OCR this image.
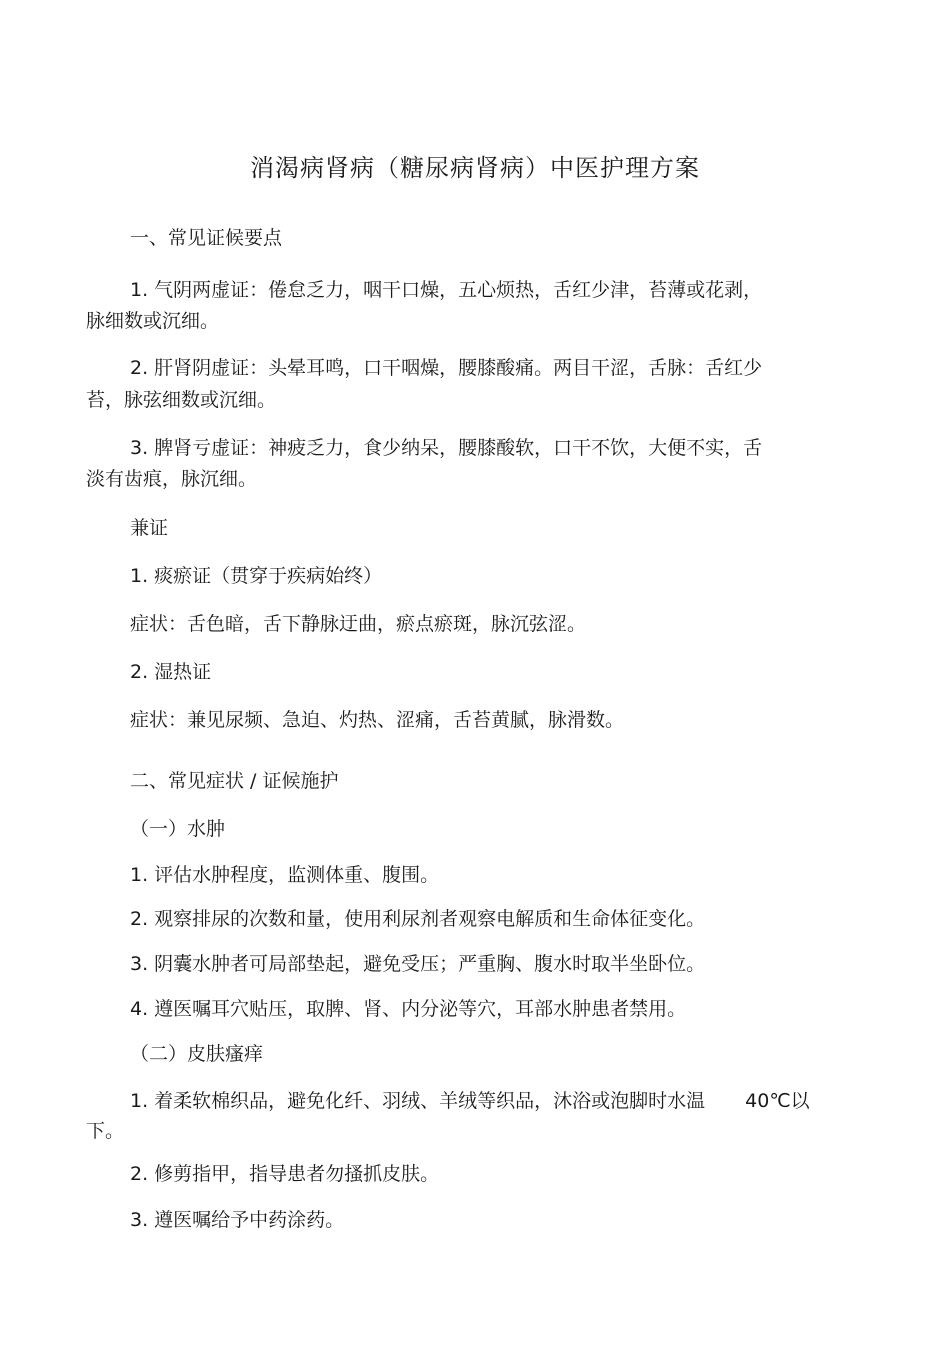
消渴病肾病（糖尿病肾病）中医护理方案
一、常见证候要点
1. 气阴两虚证：倦怠乏力，咽干口燥，五心烦热，舌红少津，苔薄或花剥，
脉细数或沉细。
2. 肝肾阴虚证：头晕耳鸣，口干咽燥，腰膝酸痛。两目干涩，舌脉：舌红少
苔，脉弦细数或沉细。
3. 脾肾亏虚证：神疲乏力，食少纳呆，腰膝酸软，口干不饮，大便不实，舌
淡有齿痕，脉沉细。
兼证
1. 痰瘀证（贯穿于疾病始终）
症状：舌色暗，舌下静脉迂曲，瘀点瘀斑，脉沉弦涩。
2. 湿热证
症状：兼见尿频、急迫、灼热、涩痛，舌苔黄腻，脉滑数。
二、常见症状 / 证候施护
（一）水肿
1. 评估水肿程度，监测体重、腹围。
2. 观察排尿的次数和量，使用利尿剂者观察电解质和生命体征变化。
3. 阴囊水肿者可局部垫起，避免受压；严重胸、腹水时取半坐卧位。
4. 遵医嘱耳穴贴压，取脾、肾、内分泌等穴，耳部水肿患者禁用。
（二）皮肤瘙痒
1. 着柔软棉织品，避免化纤、羽绒、羊绒等织品，沐浴或泡脚时水温 40℃以
下。
2. 修剪指甲，指导患者勿搔抓皮肤。
3. 遵医嘱给予中药涂药。
